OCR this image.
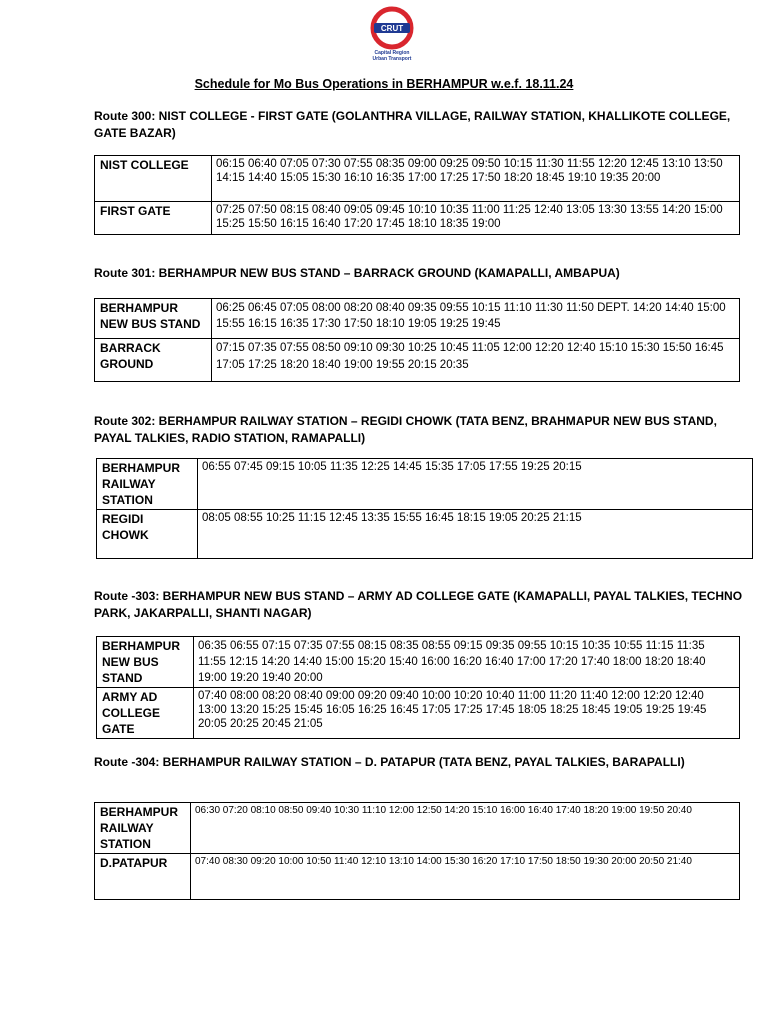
CRUT
Capital Region
Urban Transport
Schedule for Mo Bus Operations in BERHAMPUR w.e.f. 18.11.24
Route 300: NIST COLLEGE - FIRST GATE (GOLANTHRA VILLAGE, RAILWAY STATION, KHALLIKOTE COLLEGE, GATE BAZAR)
NIST COLLEGE	06:15 06:40 07:05 07:30 07:55 08:35 09:00 09:25 09:50 10:15 11:30 11:55 12:20 12:45 13:10 13:50 14:15 14:40 15:05 15:30 16:10 16:35 17:00 17:25 17:50 18:20 18:45 19:10 19:35 20:00
FIRST GATE	07:25 07:50 08:15 08:40 09:05 09:45 10:10 10:35 11:00 11:25 12:40 13:05 13:30 13:55 14:20 15:00 15:25 15:50 16:15 16:40 17:20 17:45 18:10 18:35 19:00
Route 301: BERHAMPUR NEW BUS STAND – BARRACK GROUND (KAMAPALLI, AMBAPUA)
BERHAMPUR NEW BUS STAND	06:25 06:45 07:05 08:00 08:20 08:40 09:35 09:55 10:15 11:10 11:30 11:50 DEPT. 14:20 14:40 15:00 15:55 16:15 16:35 17:30 17:50 18:10 19:05 19:25 19:45
BARRACK GROUND	07:15 07:35 07:55 08:50 09:10 09:30 10:25 10:45 11:05 12:00 12:20 12:40 15:10 15:30 15:50 16:45 17:05 17:25 18:20 18:40 19:00 19:55 20:15 20:35
Route 302: BERHAMPUR RAILWAY STATION – REGIDI CHOWK (TATA BENZ, BRAHMAPUR NEW BUS STAND, PAYAL TALKIES, RADIO STATION, RAMAPALLI)
BERHAMPUR RAILWAY STATION	06:55 07:45 09:15 10:05 11:35 12:25 14:45 15:35 17:05 17:55 19:25 20:15
REGIDI CHOWK	08:05 08:55 10:25 11:15 12:45 13:35 15:55 16:45 18:15 19:05 20:25 21:15
Route -303: BERHAMPUR NEW BUS STAND – ARMY AD COLLEGE GATE (KAMAPALLI, PAYAL TALKIES, TECHNO PARK, JAKARPALLI, SHANTI NAGAR)
BERHAMPUR NEW BUS STAND	06:35 06:55 07:15 07:35 07:55 08:15 08:35 08:55 09:15 09:35 09:55 10:15 10:35 10:55 11:15 11:35 11:55 12:15 14:20 14:40 15:00 15:20 15:40 16:00 16:20 16:40 17:00 17:20 17:40 18:00 18:20 18:40 19:00 19:20 19:40 20:00
ARMY AD COLLEGE GATE	07:40 08:00 08:20 08:40 09:00 09:20 09:40 10:00 10:20 10:40 11:00 11:20 11:40 12:00 12:20 12:40 13:00 13:20 15:25 15:45 16:05 16:25 16:45 17:05 17:25 17:45 18:05 18:25 18:45 19:05 19:25 19:45 20:05 20:25 20:45 21:05
Route -304: BERHAMPUR RAILWAY STATION – D. PATAPUR (TATA BENZ, PAYAL TALKIES, BARAPALLI)
BERHAMPUR RAILWAY STATION	06:30 07:20 08:10 08:50 09:40 10:30 11:10 12:00 12:50 14:20 15:10 16:00 16:40 17:40 18:20 19:00 19:50 20:40
D.PATAPUR	07:40 08:30 09:20 10:00 10:50 11:40 12:10 13:10 14:00 15:30 16:20 17:10 17:50 18:50 19:30 20:00 20:50 21:40
